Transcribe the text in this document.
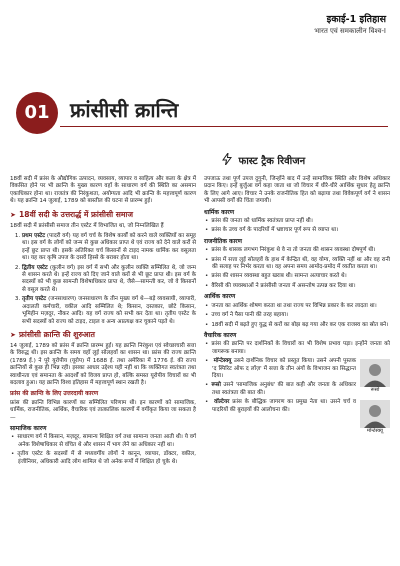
इकाई-1 इतिहास
भारत एवं समकालीन विश्व-I
01	फ्रांसीसी क्रान्ति
फास्ट ट्रैक रिवीजन

18वीं सदी में फ्रांस के औद्योगिक उत्पादन, व्यवसाय, व्यापार व साहित्य और कला के क्षेत्र में विकसित होने पर भी क्रान्ति के मुख्य कारण वहाँ के साधारण वर्ग की स्थिति का असमान एकाधिकार होना था। राजतंत्र की निरंकुशता, अयोग्यता आदि भी क्रान्ति के महत्त्वपूर्ण कारण थे। यह क्रान्ति 14 जुलाई, 1789 को बास्तील की घटना से प्रारम्भ हुई।

➤ 18वीं सदी के उत्तरार्द्ध में फ्रांसीसी समाज

18वीं सदी में फ्रांसीसी समाज तीन एस्टेट में विभाजित था, जो निम्नलिखित हैं

1. प्रथम एस्टेट (पादरी वर्ग) यह वर्ग चर्च के विशेष कार्यों को करने वाले व्यक्तियों का समूह था। इस वर्ग के लोगों को जन्म से कुछ अधिकार प्राप्त थे एवं राज्य को देने वाले करों से इन्हें छूट प्राप्त थी। इसके अतिरिक्त चर्च किसानों से टाइद नामक धार्मिक कर वसूलता था। यह कर कृषि उपज के दसवें हिस्से के बराबर होता था।
2. द्वितीय एस्टेट (कुलीन वर्ग) इस वर्ग में सभी और कुलीन व्यक्ति सम्मिलित थे, जो जन्म से शासन करते थे। इन्हें राज्य को दिए जाने वाले करों से भी छूट प्राप्त थी। इस वर्ग के सदस्यों को भी कुछ सामन्ती विशेषाधिकार प्राप्त थे, जैसे—सामन्ती कर, जो वे किसानों से वसूल करते थे।
3. तृतीय एस्टेट (जनसाधारण) जनसाधारण के तीन मुख्य वर्ग थे—बड़े व्यवसायी, व्यापारी, अदालती कर्मचारी, वकील आदि सम्मिलित थे; किसान, दस्तकार, छोटे किसान, भूमिहीन मज़दूर, नौकर आदि। यह वर्ग राज्य को सभी कर देता था। तृतीय एस्टेट के सभी सदस्यों को राज्य को टाइद, टाइल व अन्य अप्रत्यक्ष कर चुकाने पड़ते थे।
➤ फ्रांसीसी क्रान्ति की शुरुआत

14 जुलाई, 1789 को फ्रांस में क्रान्ति प्रारम्भ हुई। यह क्रान्ति निरंकुश एवं स्वेच्छाचारी सत्ता के विरुद्ध थी। इस क्रान्ति के समय वहाँ लुई सोलहवाँ का शासन था। फ्रांस की राज्य क्रान्ति (1789 ई.) ने पूरे यूरोपीय (यूरोप) में 1688 ई. तथा अमेरिका में 1776 ई. की राज्य क्रान्तियों से कुछ ही भिन्न रही। इसका आधार उद्देश्य यही नहीं था कि व्यक्तिगत स्वतंत्रता तथा स्वाधीनता एवं समानता के आदर्शों को विजय प्राप्त हो, बल्कि समस्त यूरोपीय विचारों का भी बदलाव हुआ। यह क्रान्ति विश्व इतिहास में महत्त्वपूर्ण स्थान रखती है।

फ्रांस की क्रान्ति के लिए उत्तरदायी कारण

फ्रांस की क्रान्ति विभिन्न कारणों का सम्मिलित परिणाम थी। इन कारणों को सामाजिक, धार्मिक, राजनीतिक, आर्थिक, वैचारिक एवं तात्कालिक कारणों में वर्गीकृत किया जा सकता है—

सामाजिक कारण
• साधारण वर्ग में किसान, मज़दूर, सामान्य शिक्षित वर्ग तथा सामान्य जनता आती थी। ये वर्ग अनेक विशेषाधिकार से वंचित थे और शासन में भाग लेने का अधिकार नहीं था।
• तृतीय एस्टेट के सदस्यों में से मध्यवर्गीय लोगों ने कानून, व्यापार, डॉक्टर, वकील, इंजीनियर, अधिकारी आदि लोग शामिल थे जो अनेक रूपों में शिक्षित हो चुके थे।

उपजाऊ तथा पूर्ण उपज दुगुनी, जिन्होंने बाद में उन्हें सामाजिक स्थिति और विशेष अधिकार प्रदान किए। इन्हें बुर्जुआ वर्ग कहा जाता था जो विचार में धीरे-धीरे आर्थिक सुधार हेतु क्रान्ति के लिए आगे आए। विचार ने उनके राजनीतिक हित को बढ़ाया तथा विवेकपूर्ण वर्ग ने शासन भी आपसी वर्गों की चिंता जगायी।

धार्मिक कारण
• फ्रांस की जनता को धार्मिक स्वतंत्रता प्राप्त नहीं थी।
• फ्रांस के उच्च वर्ग के पादरियों में भ्रष्टाचार पूर्ण रूप से व्याप्त था।
राजनीतिक कारण
• फ्रांस के शासक लगभग निरंकुश थे वे ना तो जनता की शासन व्यवस्था दोषपूर्ण थी।
• फ्रांस में सत्ता लुई सोलहवें के हाथ में केन्द्रित थी, वह योग्य, व्यक्ति नहीं था और वह रानी की सलाह पर निर्भर करता था। वह अपना समय आमोद-प्रमोद में व्यतीत करता था।
• फ्रांस की शासन व्यवस्था बहुत खराब थी। सामन्त अत्याचार करते थे।
• वैरिसी की व्यवस्थाओं ने फ्रांसीसी जनता में असन्तोष उत्पन्न कर दिया था।
आर्थिक कारण
• जनता का आर्थिक शोषण करता था तथा राज्य पर विभिन्न प्रकार के कर लादता था।
• उच्च वर्ग ने पैसा पानी की तरह बहाया।
• 18वीं सदी में बढ़ते हुए युद्ध से करों का बोझ बढ़ गया और कर एक राजस्व का स्रोत बने।
वैचारिक कारण
• फ्रांस की क्रान्ति पर दार्शनिकों के विचारों का भी विशेष प्रभाव पड़ा। इन्होंने जनता को जागरूक बनाया।

• रूसो
मॉन्टेस्क्यू उसने दार्शनिक विचार को प्रस्तुत किया। उसने अपनी पुस्तक 'द स्पिरिट ऑफ द लॉज़' में सत्ता के तीन अंगों के विभाजन का सिद्धान्त दिया।
• रूसो उसने 'सामाजिक अनुबंध' की बात कही और जनता के अधिकार तथा स्वतंत्रता की बात की।

• मॉन्टेस्क्यू
वॉल्टेयर फ्रांस के बौद्धिक जागरण का प्रमुख नेता था। उसने चर्च व पादरियों की बुराइयों की आलोचना की।
